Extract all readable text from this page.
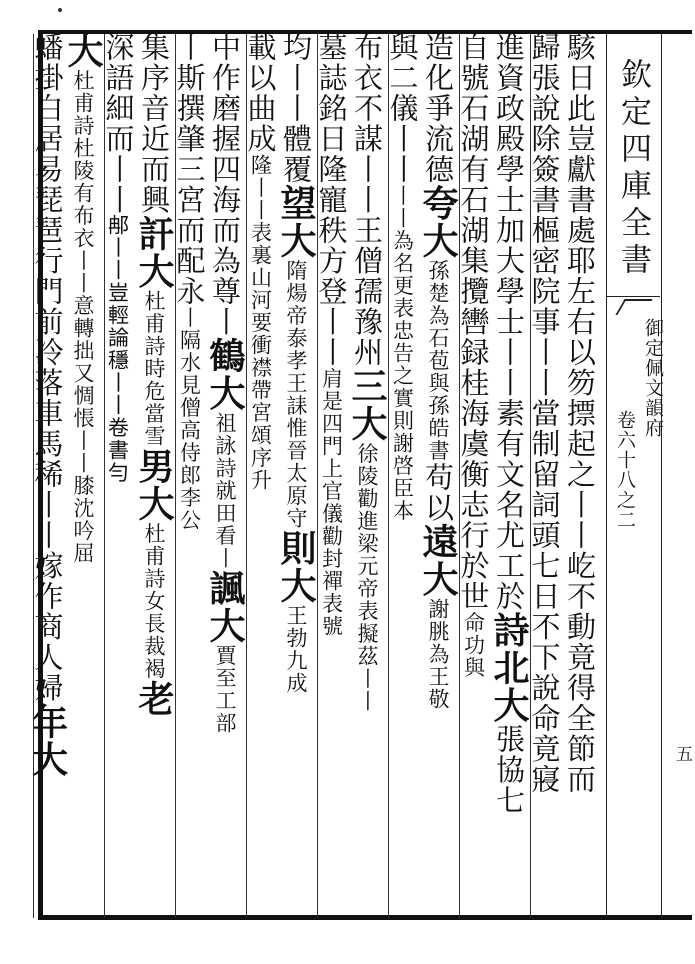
欽定四庫全書
御定佩文韻府
卷六十八之二
五
駭日此豈獻書處耶左右以笏摽起之丨丨屹不動竟得全節而
歸張說除簽書樞密院事丨丨當制留詞頭七日不下說命竟寢
進資政殿學士加大學士丨丨素有文名尤工於詩北大張協七
自號石湖有石湖集攬轡録桂海虞衡志行於世命功與
造化爭流德夸大孫楚為石苞與孫皓書苟以遠大謝朓為王敬
與二儀丨丨丨丨為名更表忠告之實則謝啓臣本
布衣不謀丨丨王僧孺豫州三大徐陵勸進梁元帝表擬茲丨丨
墓誌銘日隆寵秩方登丨丨肩是四門上官儀勸封禪表號
均丨丨體覆望大隋煬帝泰孝王誄惟晉太原守則大王勃九成
載以曲成隆丨丨表裏山河要衝襟帶宮頌序升
中作磨握四海而為尊丨鶴大祖詠詩就田看丨諷大賈至工部
丨斯撰肇三宮而配永丨隔水見僧高侍郎李公
集序音近而興訐大杜甫詩時危當雪男大杜甫詩女長裁褐老
深語細而丨丨𨚗丨丨豈輕論穩丨丨卷書勻
大杜甫詩杜陵有布衣丨丨意轉拙又惆悵丨丨膝沈吟屈
蟠掛白居易琵琶行門前冷落車馬稀丨丨嫁作商人婦年大
